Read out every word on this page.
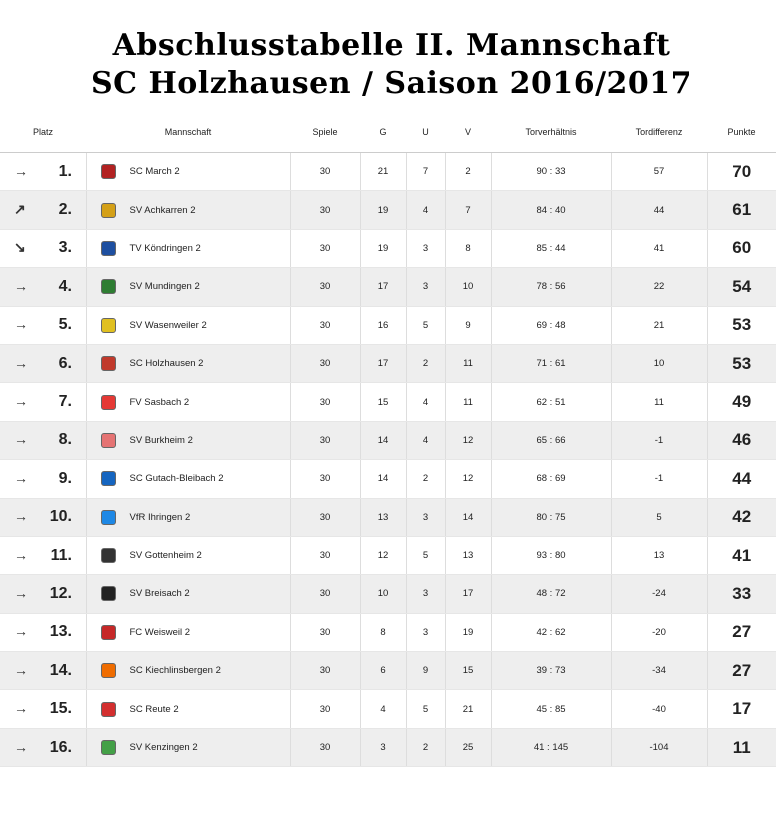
Abschlusstabelle II. Mannschaft
SC Holzhausen / Saison 2016/2017
Platz	Mannschaft	Spiele	G	U	V	Torverhältnis	Tordifferenz	Punkte
→ 1.	SC March 2	30	21	7	2	90 : 33	57	70
↗ 2.	SV Achkarren 2	30	19	4	7	84 : 40	44	61
↘ 3.	TV Köndringen 2	30	19	3	8	85 : 44	41	60
→ 4.	SV Mundingen 2	30	17	3	10	78 : 56	22	54
→ 5.	SV Wasenweiler 2	30	16	5	9	69 : 48	21	53
→ 6.	SC Holzhausen 2	30	17	2	11	71 : 61	10	53
→ 7.	FV Sasbach 2	30	15	4	11	62 : 51	11	49
→ 8.	SV Burkheim 2	30	14	4	12	65 : 66	-1	46
→ 9.	SC Gutach-Bleibach 2	30	14	2	12	68 : 69	-1	44
→ 10.	VfR Ihringen 2	30	13	3	14	80 : 75	5	42
→ 11.	SV Gottenheim 2	30	12	5	13	93 : 80	13	41
→ 12.	SV Breisach 2	30	10	3	17	48 : 72	-24	33
→ 13.	FC Weisweil 2	30	8	3	19	42 : 62	-20	27
→ 14.	SC Kiechlinsbergen 2	30	6	9	15	39 : 73	-34	27
→ 15.	SC Reute 2	30	4	5	21	45 : 85	-40	17
→ 16.	SV Kenzingen 2	30	3	2	25	41 : 145	-104	11
